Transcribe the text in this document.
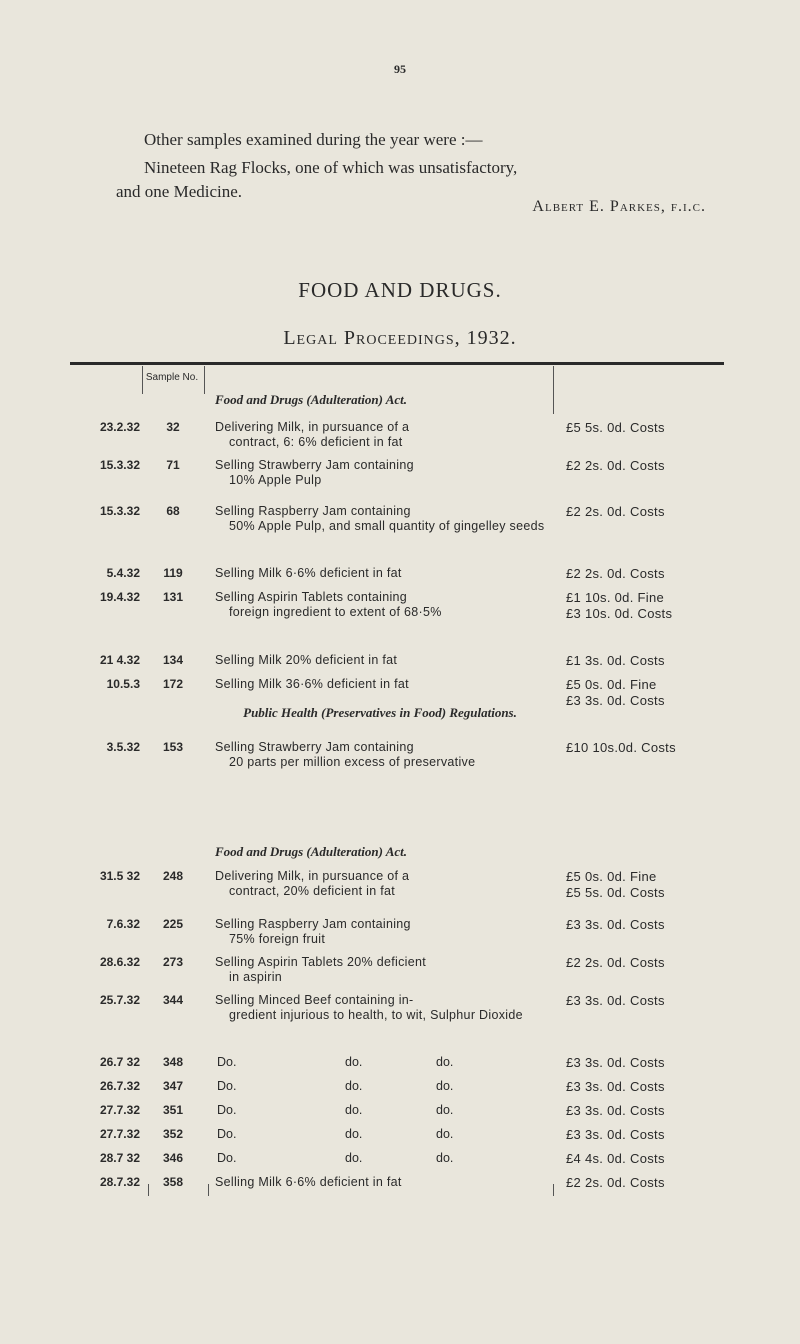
95

Other samples examined during the year were :—

Nineteen Rag Flocks, one of which was unsatisfactory,

and one Medicine.

Albert E. Parkes, f.i.c.
FOOD AND DRUGS.
Legal Proceedings, 1932.
Sample No.
Food and Drugs (Adulteration) Act.
Public Health (Preservatives in Food) Regulations.
Food and Drugs (Adulteration) Act.
23.2.32	32	Delivering Milk, in pursuance of a
contract, 6: 6% deficient in fat
£5 5s. 0d. Costs
15.3.32	71	Selling Strawberry Jam containing
10% Apple Pulp
£2 2s. 0d. Costs
15.3.32	68	Selling Raspberry Jam containing
50% Apple Pulp, and small quantity of gingelley seeds
£2 2s. 0d. Costs
5.4.32	119	Selling Milk 6·6% deficient in fat	£2 2s. 0d. Costs
19.4.32	131	Selling Aspirin Tablets containing
foreign ingredient to extent of 68·5%
£1 10s. 0d. Fine
£3 10s. 0d. Costs
21 4.32	134	Selling Milk 20% deficient in fat	£1 3s. 0d. Costs
10.5.3	172	Selling Milk 36·6% deficient in fat	£5 0s. 0d. Fine
£3 3s. 0d. Costs
3.5.32	153	Selling Strawberry Jam containing
20 parts per million excess of preservative
£10 10s.0d. Costs
31.5 32	248	Delivering Milk, in pursuance of a
contract, 20% deficient in fat
£5 0s. 0d. Fine
£5 5s. 0d. Costs
7.6.32	225	Selling Raspberry Jam containing
75% foreign fruit
£3 3s. 0d. Costs
28.6.32	273	Selling Aspirin Tablets 20% deficient
in aspirin
£2 2s. 0d. Costs
25.7.32	344	Selling Minced Beef containing in-
gredient injurious to health, to wit, Sulphur Dioxide
£3 3s. 0d. Costs
26.7 32	348	Do.	do.	do.	£3 3s. 0d. Costs
26.7.32	347	Do.	do.	do.	£3 3s. 0d. Costs
27.7.32	351	Do.	do.	do.	£3 3s. 0d. Costs
27.7.32	352	Do.	do.	do.	£3 3s. 0d. Costs
28.7 32	346	Do.	do.	do.	£4 4s. 0d. Costs
28.7.32	358	Selling Milk 6·6% deficient in fat	£2 2s. 0d. Costs
